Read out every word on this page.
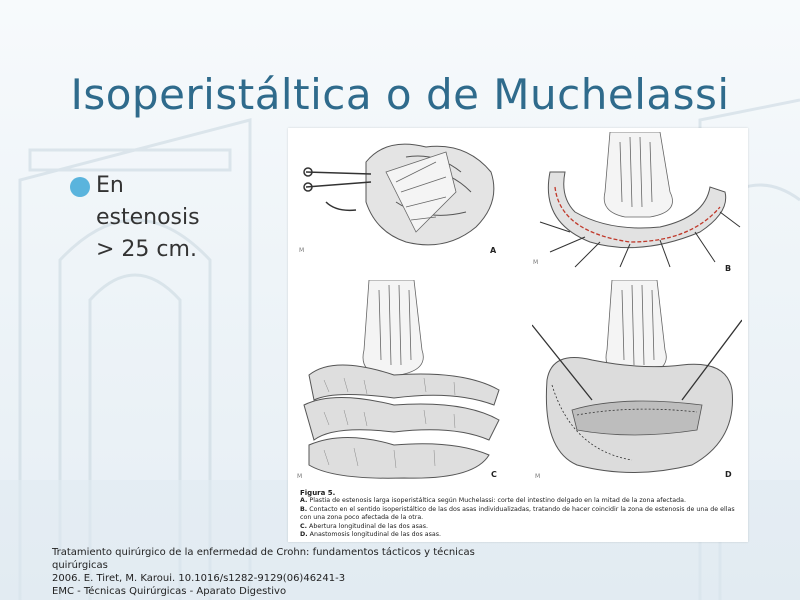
Isoperistáltica o de Muchelassi
En
estenosis
> 25 cm.	M	A
M
B
M	C	M	D
Figura 5.
A. Plastia de estenosis larga isoperistáltica según Muchelassi: corte del intestino delgado en la mitad de la zona afectada.
B. Contacto en el sentido isoperistáltico de las dos asas individualizadas, tratando de hacer coincidir la zona de estenosis de una de ellas con una zona poco afectada de la otra.
C. Abertura longitudinal de las dos asas.
D. Anastomosis longitudinal de las dos asas.
Tratamiento quirúrgico de la enfermedad de Crohn: fundamentos tácticos y técnicas quirúrgicas
2006. E. Tiret, M. Karoui. 10.1016/s1282-9129(06)46241-3
EMC - Técnicas Quirúrgicas - Aparato Digestivo
